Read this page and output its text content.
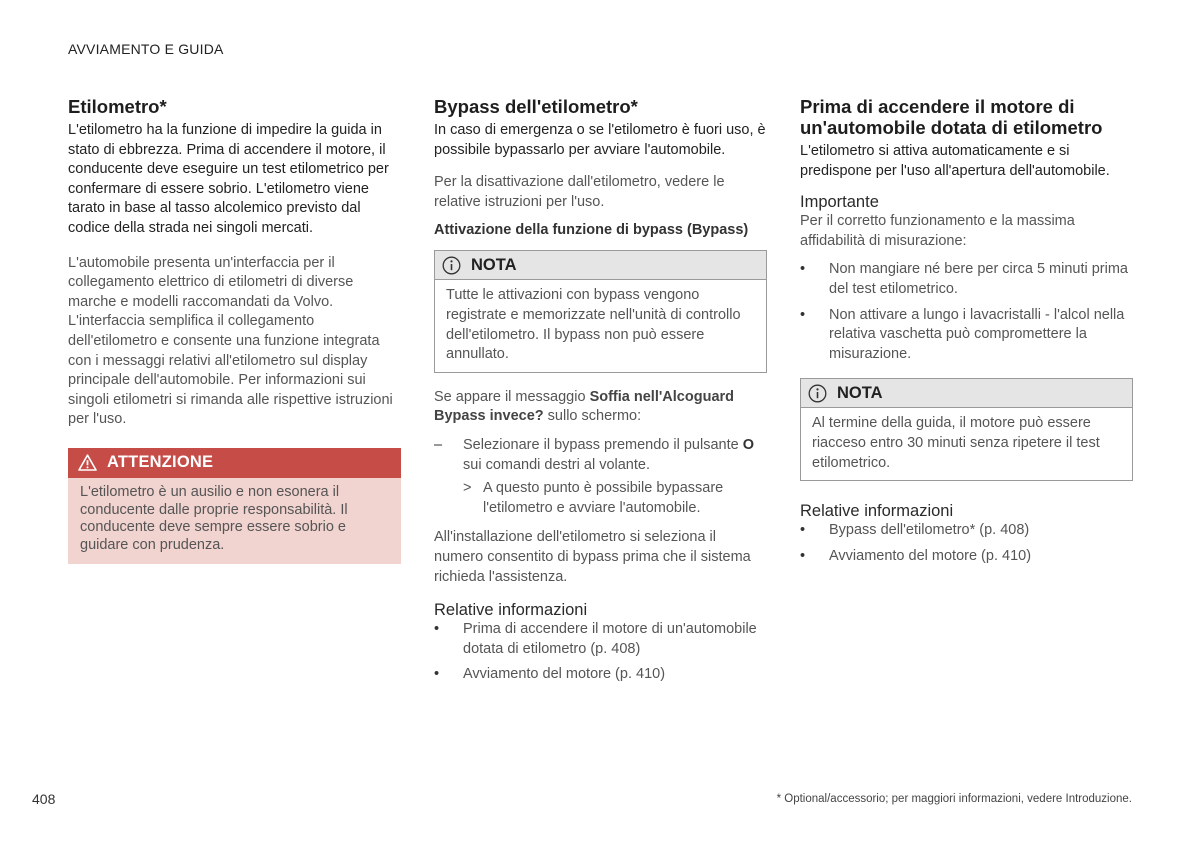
AVVIAMENTO E GUIDA
Etilometro*

L'etilometro ha la funzione di impedire la guida in stato di ebbrezza. Prima di accendere il motore, il conducente deve eseguire un test etilometrico per confermare di essere sobrio. L'etilometro viene tarato in base al tasso alcolemico previsto dal codice della strada nei singoli mercati.

L'automobile presenta un'interfaccia per il collegamento elettrico di etilometri di diverse marche e modelli raccomandati da Volvo. L'interfaccia semplifica il collegamento dell'etilometro e consente una funzione integrata con i messaggi relativi all'etilometro sul display principale dell'automobile. Per informazioni sui singoli etilometri si rimanda alle rispettive istruzioni per l'uso.

ATTENZIONE
L'etilometro è un ausilio e non esonera il conducente dalle proprie responsabilità. Il conducente deve sempre essere sobrio e guidare con prudenza.
Bypass dell'etilometro*

In caso di emergenza o se l'etilometro è fuori uso, è possibile bypassarlo per avviare l'automobile.

Per la disattivazione dall'etilometro, vedere le relative istruzioni per l'uso.

Attivazione della funzione di bypass (Bypass)
NOTA
Tutte le attivazioni con bypass vengono registrate e memorizzate nell'unità di controllo dell'etilometro. Il bypass non può essere annullato.

Se appare il messaggio Soffia nell'Alcoguard Bypass invece? sullo schermo:

– Selezionare il bypass premendo il pulsante O sui comandi destri al volante.
> A questo punto è possibile bypassare l'etilometro e avviare l'automobile.

All'installazione dell'etilometro si seleziona il numero consentito di bypass prima che il sistema richieda l'assistenza.

Relative informazioni
• Prima di accendere il motore di un'automobile dotata di etilometro (p. 408)
• Avviamento del motore (p. 410)
Prima di accendere il motore di un'automobile dotata di etilometro

L'etilometro si attiva automaticamente e si predispone per l'uso all'apertura dell'automobile.

Importante

Per il corretto funzionamento e la massima affidabilità di misurazione:

• Non mangiare né bere per circa 5 minuti prima del test etilometrico.
• Non attivare a lungo i lavacristalli - l'alcol nella relativa vaschetta può compromettere la misurazione.
NOTA
Al termine della guida, il motore può essere riacceso entro 30 minuti senza ripetere il test etilometrico.
Relative informazioni
• Bypass dell'etilometro* (p. 408)
• Avviamento del motore (p. 410)
408	* Optional/accessorio; per maggiori informazioni, vedere Introduzione.
